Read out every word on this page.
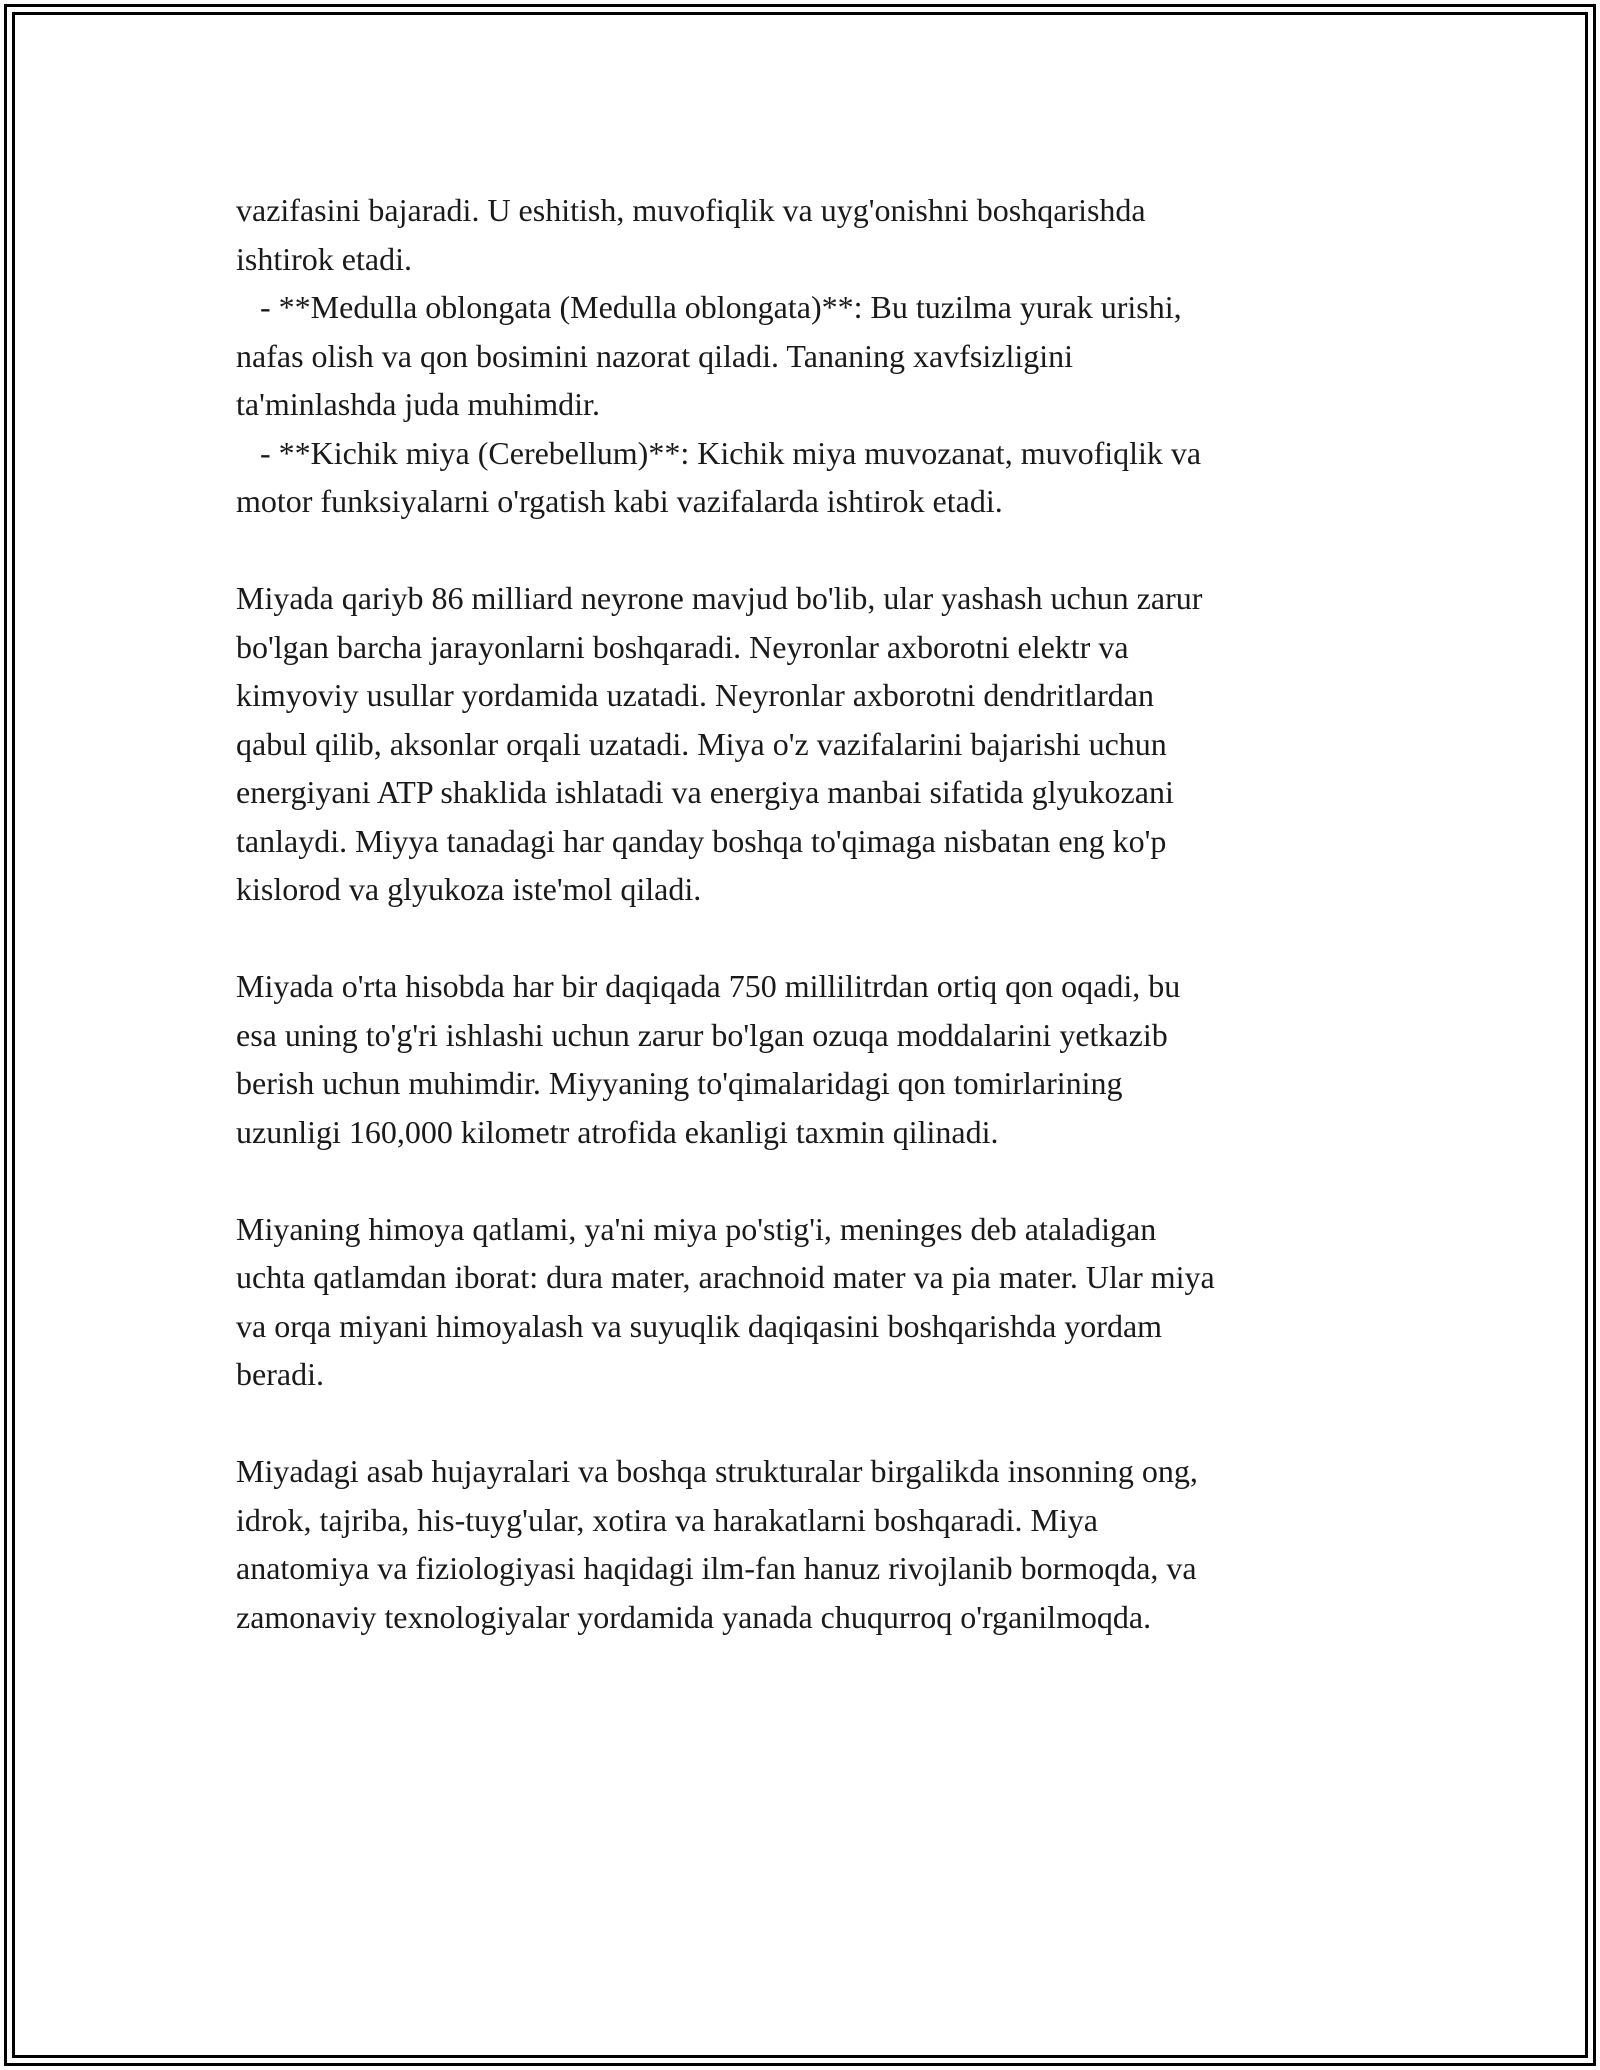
vazifasini bajaradi. U eshitish, muvofiqlik va uyg'onishni boshqarishda
ishtirok etadi.
- **Medulla oblongata (Medulla oblongata)**: Bu tuzilma yurak urishi,
nafas olish va qon bosimini nazorat qiladi. Tananing xavfsizligini
ta'minlashda juda muhimdir.
- **Kichik miya (Cerebellum)**: Kichik miya muvozanat, muvofiqlik va
motor funksiyalarni o'rgatish kabi vazifalarda ishtirok etadi.

Miyada qariyb 86 milliard neyrone mavjud bo'lib, ular yashash uchun zarur
bo'lgan barcha jarayonlarni boshqaradi. Neyronlar axborotni elektr va
kimyoviy usullar yordamida uzatadi. Neyronlar axborotni dendritlardan
qabul qilib, aksonlar orqali uzatadi. Miya o'z vazifalarini bajarishi uchun
energiyani ATP shaklida ishlatadi va energiya manbai sifatida glyukozani
tanlaydi. Miyya tanadagi har qanday boshqa to'qimaga nisbatan eng ko'p
kislorod va glyukoza iste'mol qiladi.

Miyada o'rta hisobda har bir daqiqada 750 millilitrdan ortiq qon oqadi, bu
esa uning to'g'ri ishlashi uchun zarur bo'lgan ozuqa moddalarini yetkazib
berish uchun muhimdir. Miyyaning to'qimalaridagi qon tomirlarining
uzunligi 160,000 kilometr atrofida ekanligi taxmin qilinadi.

Miyaning himoya qatlami, ya'ni miya po'stig'i, meninges deb ataladigan
uchta qatlamdan iborat: dura mater, arachnoid mater va pia mater. Ular miya
va orqa miyani himoyalash va suyuqlik daqiqasini boshqarishda yordam
beradi.

Miyadagi asab hujayralari va boshqa strukturalar birgalikda insonning ong,
idrok, tajriba, his-tuyg'ular, xotira va harakatlarni boshqaradi. Miya
anatomiya va fiziologiyasi haqidagi ilm-fan hanuz rivojlanib bormoqda, va
zamonaviy texnologiyalar yordamida yanada chuqurroq o'rganilmoqda.
